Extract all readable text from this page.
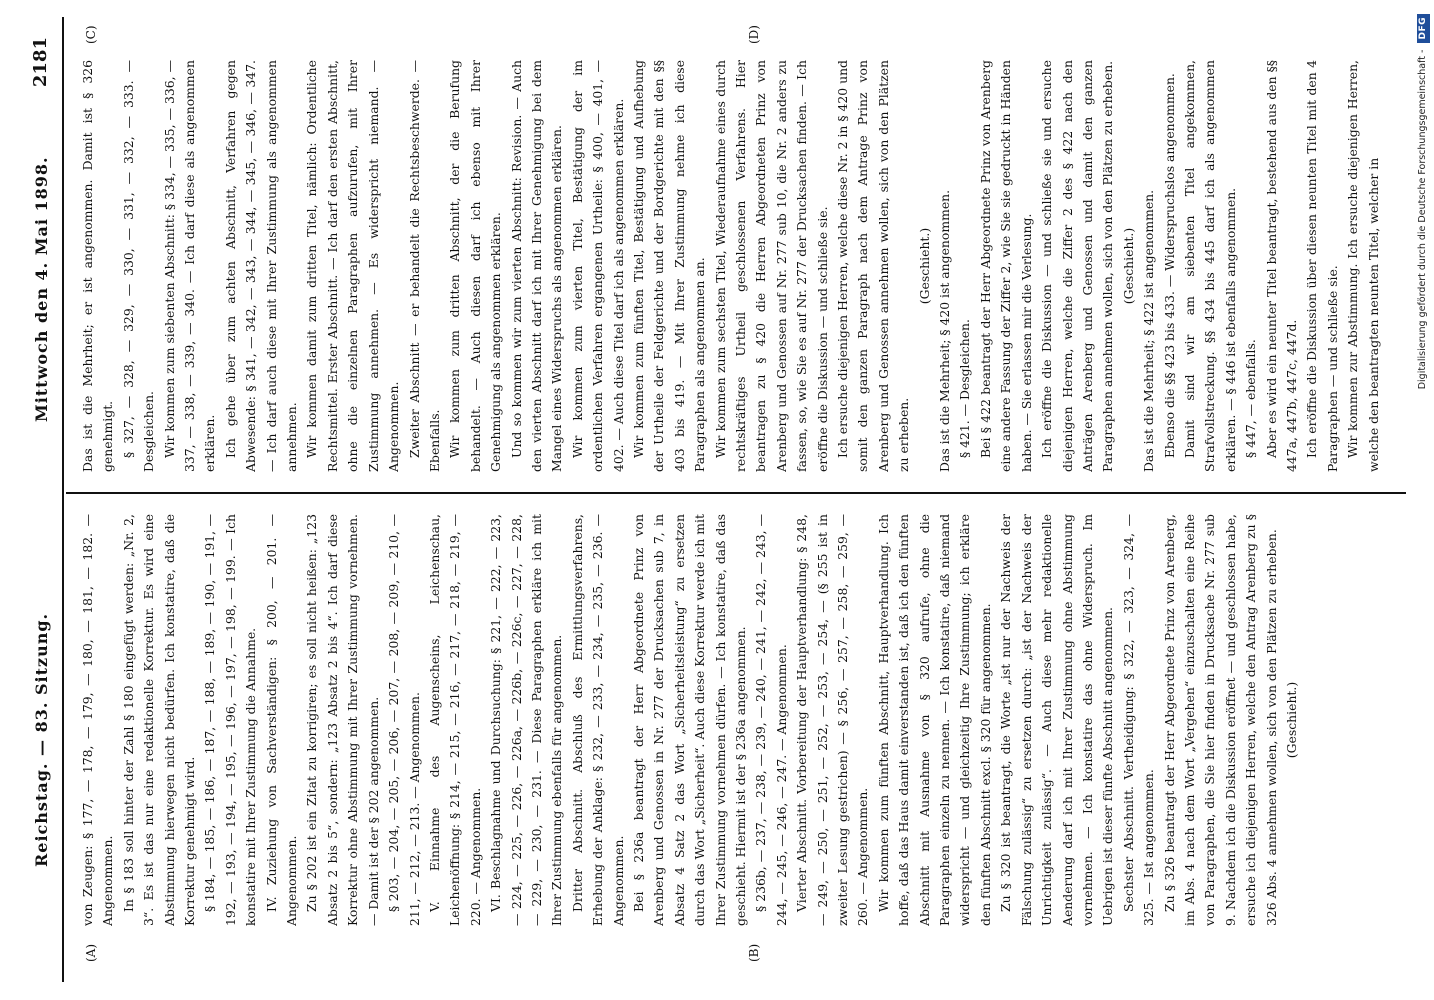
Reichstag. — 83. Sitzung.
Mittwoch den 4. Mai 1898.
2181
(A)	(B)
(C)	(D)

von Zeugen: § 177, — 178, — 179, — 180, — 181, — 182. — Angenommen. In § 183 soll hinter der Zahl § 180 eingefügt werden: „Nr. 2, 3“. Es ist das nur eine redaktionelle Korrektur. Es wird eine Abstimmung hierwegen nicht bedürfen. Ich konstatire, daß die Korrektur genehmigt wird. § 184, — 185, — 186, — 187, — 188, — 189, — 190, — 191, — 192, — 193, — 194, — 195, — 196, — 197, — 198, — 199. — Ich konstatire mit Ihrer Zustimmung die Annahme. IV. Zuziehung von Sachverständigen: § 200, — 201. — Angenommen. Zu § 202 ist ein Zitat zu korrigiren; es soll nicht heißen: „123 Absatz 2 bis 5“, sondern: „123 Absatz 2 bis 4“. Ich darf diese Korrektur ohne Abstimmung mit Ihrer Zustimmung vornehmen. — Damit ist der § 202 angenommen. § 203, — 204, — 205, — 206, — 207, — 208, — 209, — 210, — 211, — 212, — 213. — Angenommen. V. Einnahme des Augenscheins, Leichenschau, Leichenöffnung: § 214, — 215, — 216, — 217, — 218, — 219, — 220. — Angenommen. VI. Beschlagnahme und Durchsuchung: § 221, — 222, — 223, — 224, — 225, — 226, — 226a, — 226b, — 226c, — 227, — 228, — 229, — 230, — 231. — Diese Paragraphen erkläre ich mit Ihrer Zustimmung ebenfalls für angenommen. Dritter Abschnitt. Abschluß des Ermittlungsverfahrens, Erhebung der Anklage: § 232, — 233, — 234, — 235, — 236. — Angenommen. Bei § 236a beantragt der Herr Abgeordnete Prinz von Arenberg und Genossen in Nr. 277 der Drucksachen sub 7, in Absatz 4 Satz 2 das Wort „Sicherheitsleistung“ zu ersetzen durch das Wort „Sicherheit“. Auch diese Korrektur werde ich mit Ihrer Zustimmung vornehmen dürfen. — Ich konstatire, daß das geschieht. Hiermit ist der § 236a angenommen. § 236b, — 237, — 238, — 239, — 240, — 241, — 242, — 243, — 244, — 245, — 246, — 247. — Angenommen. Vierter Abschnitt. Vorbereitung der Hauptverhandlung: § 248, — 249, — 250, — 251, — 252, — 253, — 254, — (§ 255 ist in zweiter Lesung gestrichen) — § 256, — 257, — 258, — 259, — 260. — Angenommen. Wir kommen zum fünften Abschnitt, Hauptverhandlung. Ich hoffe, daß das Haus damit einverstanden ist, daß ich den fünften Abschnitt mit Ausnahme von § 320 aufrufe, ohne die Paragraphen einzeln zu nennen. — Ich konstatire, daß niemand widerspricht — und gleichzeitig Ihre Zustimmung; ich erkläre den fünften Abschnitt excl. § 320 für angenommen. Zu § 320 ist beantragt, die Worte „ist nur der Nachweis der Fälschung zulässig“ zu ersetzen durch: „ist der Nachweis der Unrichtigkeit zulässig“. — Auch diese mehr redaktionelle Aenderung darf ich mit Ihrer Zustimmung ohne Abstimmung vornehmen. — Ich konstatire das ohne Widerspruch. Im Uebrigen ist dieser fünfte Abschnitt angenommen. Sechster Abschnitt. Vertheidigung: § 322, — 323, — 324, — 325. — Ist angenommen. Zu § 326 beantragt der Herr Abgeordnete Prinz von Arenberg, im Abs. 4 nach dem Wort „Vergehen“ einzuschalten eine Reihe von Paragraphen, die Sie hier finden in Drucksache Nr. 277 sub 9. Nachdem ich die Diskussion eröffnet — und geschlossen habe, ersuche ich diejenigen Herren, welche den Antrag Arenberg zu § 326 Abs. 4 annehmen wollen, sich von den Plätzen zu erheben. (Geschieht.)

Das ist die Mehrheit; er ist angenommen. Damit ist § 326 genehmigt. § 327, — 328, — 329, — 330, — 331, — 332, — 333. — Desgleichen. Wir kommen zum siebenten Abschnitt: § 334, — 335, — 336, — 337, — 338, — 339, — 340. — Ich darf diese als angenommen erklären. Ich gehe über zum achten Abschnitt, Verfahren gegen Abwesende: § 341, — 342, — 343, — 344, — 345, — 346, — 347. — Ich darf auch diese mit Ihrer Zustimmung als angenommen annehmen. Wir kommen damit zum dritten Titel, nämlich: Ordentliche Rechtsmittel. Erster Abschnitt. — Ich darf den ersten Abschnitt, ohne die einzelnen Paragraphen aufzurufen, mit Ihrer Zustimmung annehmen. — Es widerspricht niemand. — Angenommen. Zweiter Abschnitt — er behandelt die Rechtsbeschwerde. — Ebenfalls. Wir kommen zum dritten Abschnitt, der die Berufung behandelt. — Auch diesen darf ich ebenso mit Ihrer Genehmigung als angenommen erklären. Und so kommen wir zum vierten Abschnitt: Revision. — Auch den vierten Abschnitt darf ich mit Ihrer Genehmigung bei dem Mangel eines Widerspruchs als angenommen erklären. Wir kommen zum vierten Titel, Bestätigung der im ordentlichen Verfahren ergangenen Urtheile: § 400, — 401, — 402. — Auch diese Titel darf ich als angenommen erklären. Wir kommen zum fünften Titel, Bestätigung und Aufhebung der Urtheile der Feldgerichte und der Bordgerichte mit den §§ 403 bis 419. — Mit Ihrer Zustimmung nehme ich diese Paragraphen als angenommen an. Wir kommen zum sechsten Titel, Wiederaufnahme eines durch rechtskräftiges Urtheil geschlossenen Verfahrens. Hier beantragen zu § 420 die Herren Abgeordneten Prinz von Arenberg und Genossen auf Nr. 277 sub 10, die Nr. 2 anders zu fassen, so, wie Sie es auf Nr. 277 der Drucksachen finden. — Ich eröffne die Diskussion — und schließe sie. Ich ersuche diejenigen Herren, welche diese Nr. 2 in § 420 und somit den ganzen Paragraph nach dem Antrage Prinz von Arenberg und Genossen annehmen wollen, sich von den Plätzen zu erheben.

(Geschieht.) Das ist die Mehrheit; § 420 ist angenommen. § 421. — Desgleichen. Bei § 422 beantragt der Herr Abgeordnete Prinz von Arenberg eine andere Fassung der Ziffer 2, wie Sie sie gedruckt in Händen haben. — Sie erlassen mir die Verlesung. Ich eröffne die Diskussion — und schließe sie und ersuche diejenigen Herren, welche die Ziffer 2 des § 422 nach den Anträgen Arenberg und Genossen und damit den ganzen Paragraphen annehmen wollen, sich von den Plätzen zu erheben. (Geschieht.) Das ist die Mehrheit; § 422 ist angenommen. Ebenso die §§ 423 bis 433. — Widerspruchslos angenommen. Damit sind wir am siebenten Titel angekommen, Strafvollstreckung. §§ 434 bis 445 darf ich als angenommen erklären. — § 446 ist ebenfalls angenommen. § 447, — ebenfalls. Aber es wird ein neunter Titel beantragt, bestehend aus den §§ 447a, 447b, 447c, 447d. Ich eröffne die Diskussion über diesen neunten Titel mit den 4 Paragraphen — und schließe sie. Wir kommen zur Abstimmung. Ich ersuche diejenigen Herren, welche den beantragten neunten Titel, welcher in	Digitalisierung gefördert durch die Deutsche Forschungsgemeinschaft - DFG
